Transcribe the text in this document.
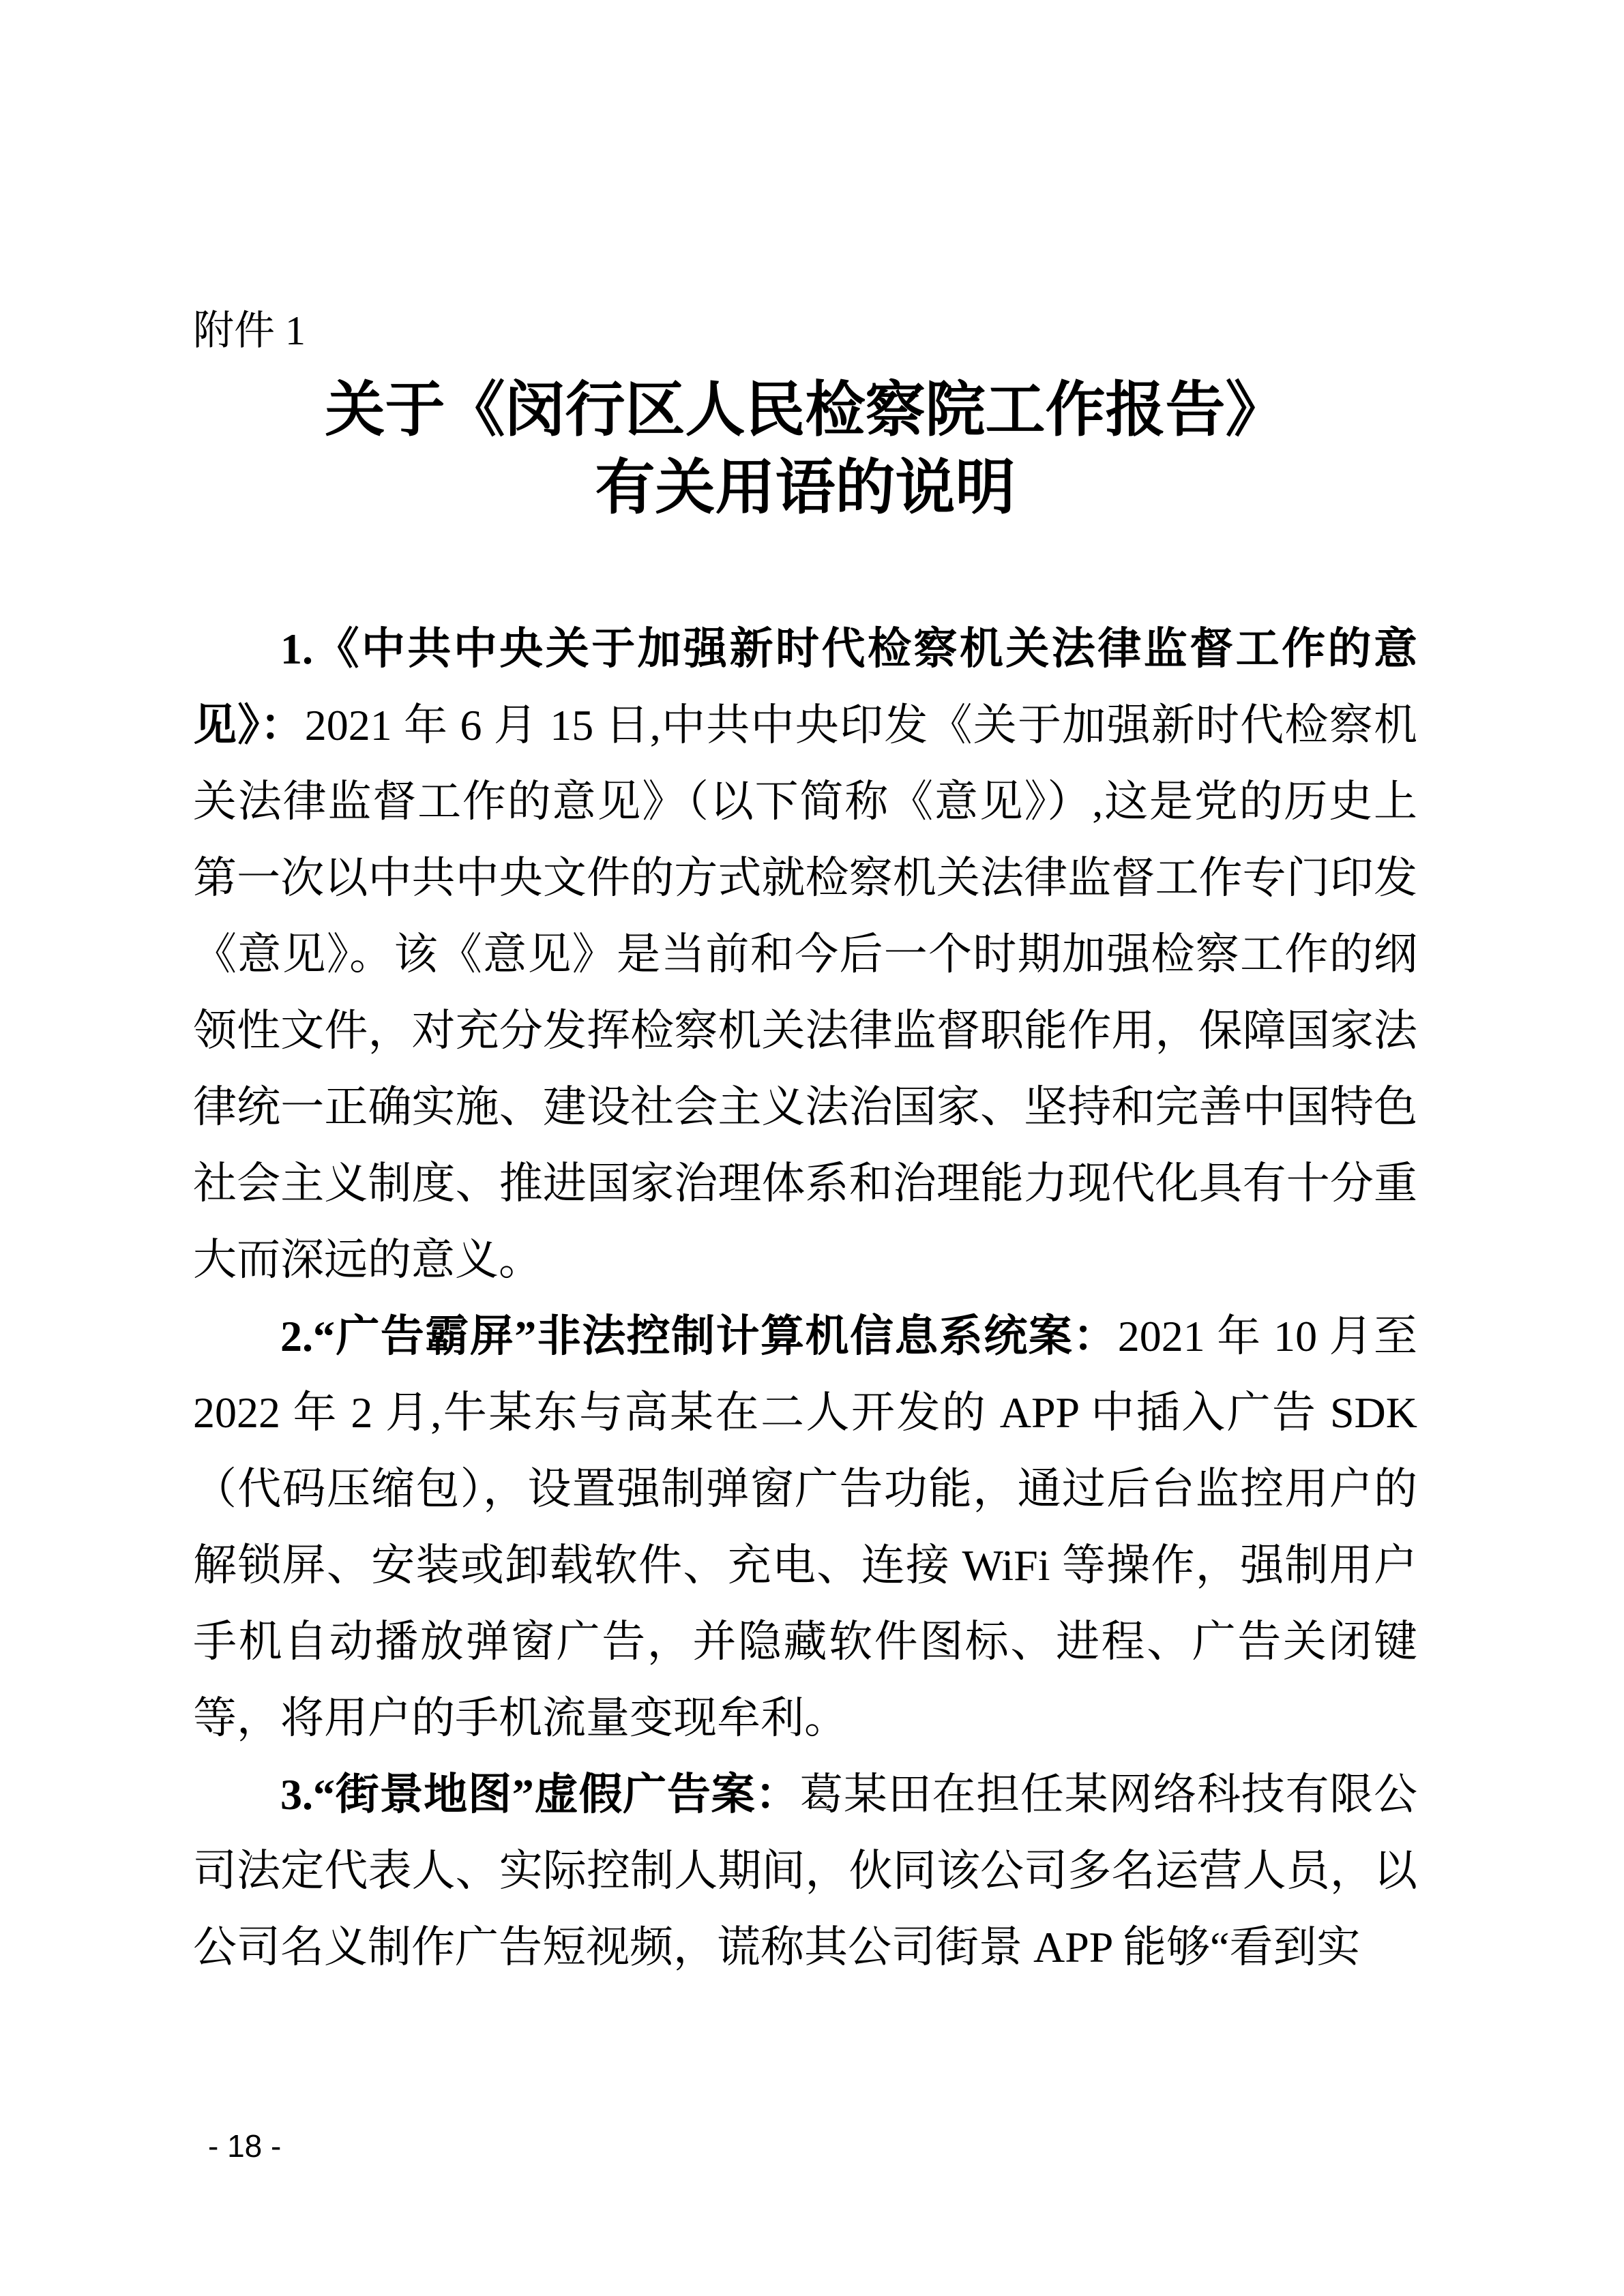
附件 1
关于《闵行区人民检察院工作报告》
有关用语的说明

1.《中共中央关于加强新时代检察机关法律监督工作的意见》：2021 年 6 月 15 日,中共中央印发《关于加强新时代检察机关法律监督工作的意见》（以下简称《意见》）,这是党的历史上第一次以中共中央文件的方式就检察机关法律监督工作专门印发《意见》。该《意见》是当前和今后一个时期加强检察工作的纲领性文件，对充分发挥检察机关法律监督职能作用，保障国家法律统一正确实施、建设社会主义法治国家、坚持和完善中国特色社会主义制度、推进国家治理体系和治理能力现代化具有十分重大而深远的意义。

2.“广告霸屏”非法控制计算机信息系统案：2021 年 10 月至 2022 年 2 月,牛某东与高某在二人开发的 APP 中插入广告 SDK（代码压缩包），设置强制弹窗广告功能，通过后台监控用户的解锁屏、安装或卸载软件、充电、连接 WiFi 等操作，强制用户手机自动播放弹窗广告，并隐藏软件图标、进程、广告关闭键等，将用户的手机流量变现牟利。

3.“街景地图”虚假广告案：葛某田在担任某网络科技有限公司法定代表人、实际控制人期间，伙同该公司多名运营人员，以公司名义制作广告短视频，谎称其公司街景 APP 能够“看到实

- 18 -
